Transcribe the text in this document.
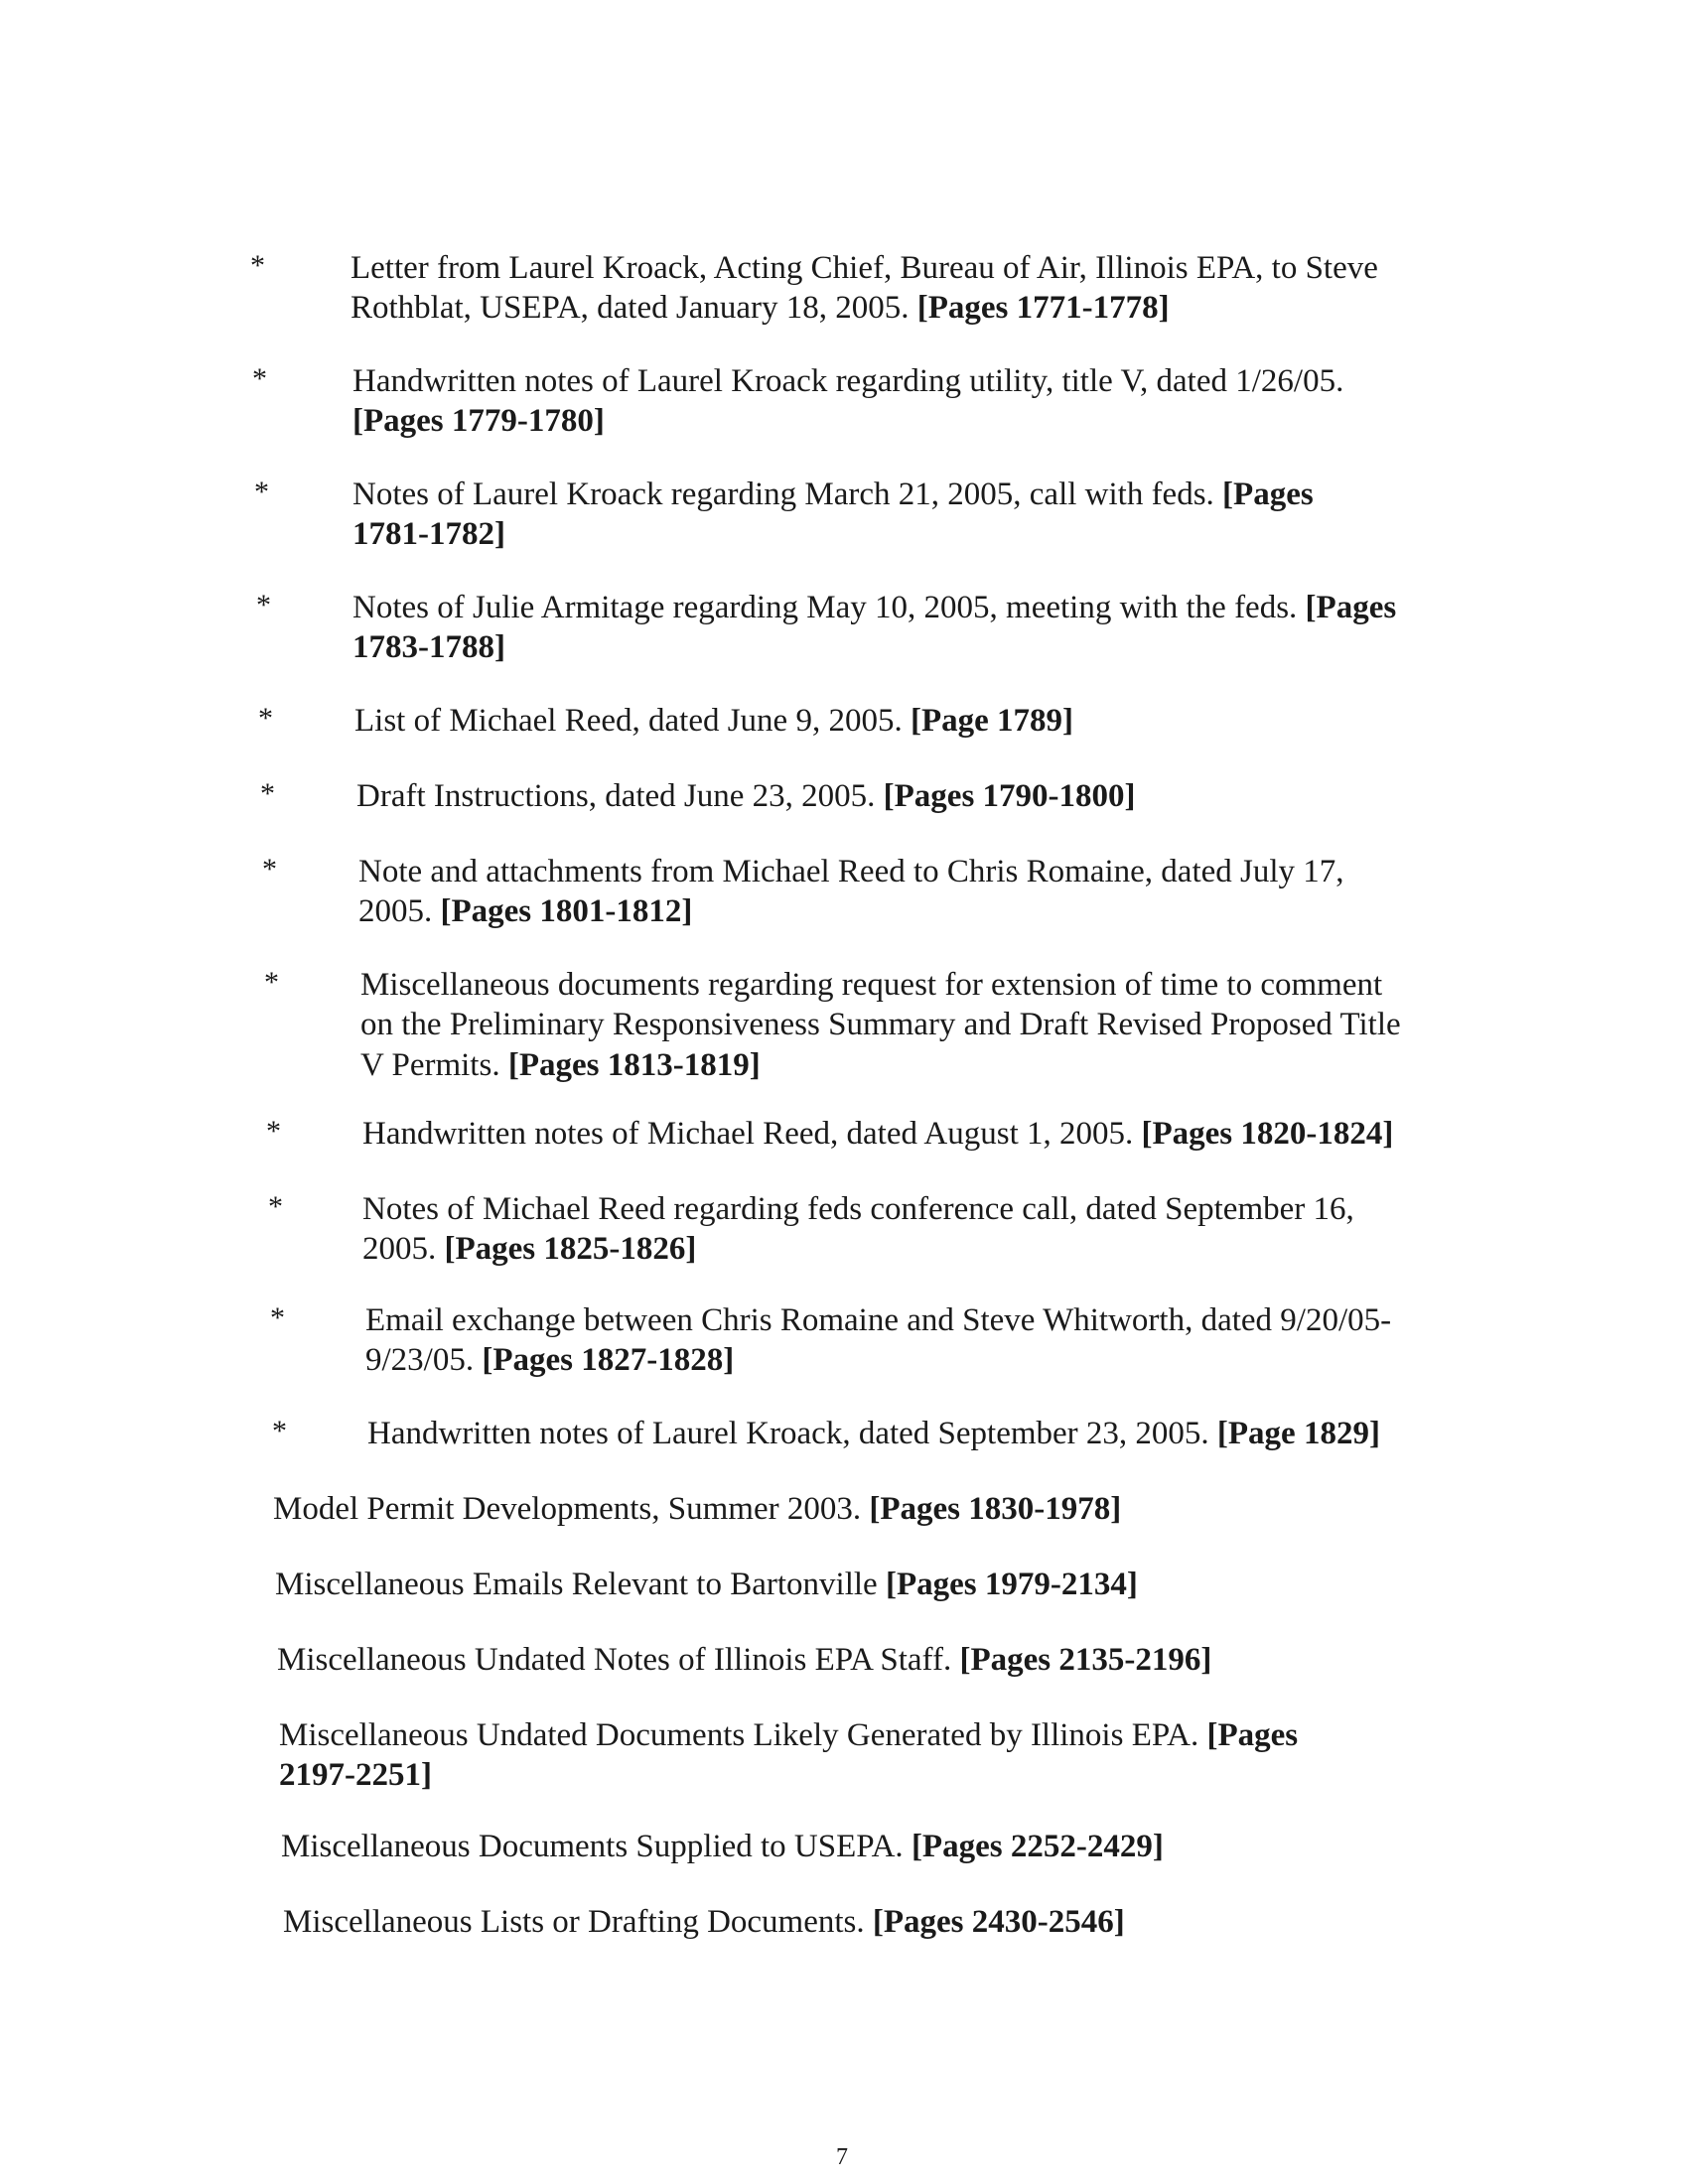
*	Letter from Laurel Kroack, Acting Chief, Bureau of Air, Illinois EPA, to Steve Rothblat, USEPA, dated January 18, 2005. [Pages 1771-1778]
*	Handwritten notes of Laurel Kroack regarding utility, title V, dated 1/26/05. [Pages 1779-1780]
*	Notes of Laurel Kroack regarding March 21, 2005, call with feds. [Pages 1781-1782]
* Notes of Julie Armitage regarding May 10, 2005, meeting with the feds. [Pages 1783-1788]
* List of Michael Reed, dated June 9, 2005. [Page 1789]
* Draft Instructions, dated June 23, 2005. [Pages 1790-1800]
* Note and attachments from Michael Reed to Chris Romaine, dated July 17, 2005. [Pages 1801-1812]
* Miscellaneous documents regarding request for extension of time to comment on the Preliminary Responsiveness Summary and Draft Revised Proposed Title V Permits. [Pages 1813-1819]
* Handwritten notes of Michael Reed, dated August 1, 2005. [Pages 1820-1824]
* Notes of Michael Reed regarding feds conference call, dated September 16, 2005. [Pages 1825-1826]
* Email exchange between Chris Romaine and Steve Whitworth, dated 9/20/05-9/23/05. [Pages 1827-1828]
* Handwritten notes of Laurel Kroack, dated September 23, 2005. [Page 1829]
Model Permit Developments, Summer 2003. [Pages 1830-1978]
Miscellaneous Emails Relevant to Bartonville [Pages 1979-2134]
Miscellaneous Undated Notes of Illinois EPA Staff. [Pages 2135-2196]
Miscellaneous Undated Documents Likely Generated by Illinois EPA. [Pages 2197-2251]
Miscellaneous Documents Supplied to USEPA. [Pages 2252-2429]
Miscellaneous Lists or Drafting Documents. [Pages 2430-2546]
7
